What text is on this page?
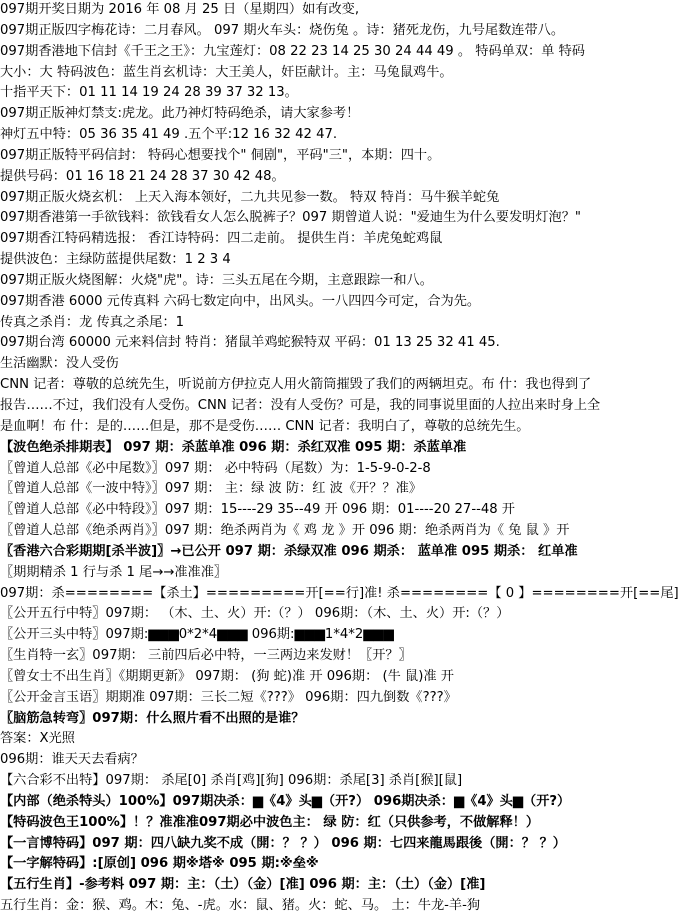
097期开奖日期为 2016 年 08 月 25 日（星期四）如有改变,
097期正版四字梅花诗：二月春风。 097 期火车头：烧伤兔 。诗：猪死龙伤，九号尾数连带八。
097期香港地下信封《千王之王》：九宝莲灯：08 22 23 14 25 30 24 44 49 。 特码单双：单 特码
大小：大 特码波色：蓝生肖玄机诗：大王美人，奸臣献计。主：马兔鼠鸡牛。
十指平天下：01 11 14 19 24 28 39 37 32 13。
097期正版神灯禁支:虎龙。此乃神灯特码绝杀，请大家参考！
神灯五中特：05 36 35 41 49 .五个平:12 16 32 42 47.
097期正版特平码信封： 特码心想要找个" 侗剧"，平码"三"，本期：四十。
提供号码：01 16 18 21 24 28 37 30 42 48。
097期正版火烧玄机： 上天入海本领好，二九共见参一数。 特双 特肖：马牛猴羊蛇兔
097期香港第一手欲钱料：欲钱看女人怎么脱裤子？097 期曾道人说："爱迪生为什么要发明灯泡？"
097期香江特码精选报： 香江诗特码：四二走前。 提供生肖：羊虎兔蛇鸡鼠
提供波色：主绿防蓝提供尾数：1 2 3 4
097期正版火烧图解：火烧"虎"。诗：三头五尾在今期，主意跟踪一和八。
097期香港 6000 元传真料 六码七数定向中，出风头。一八四四今可定，合为先。
传真之杀肖：龙 传真之杀尾：1
097期台湾 60000 元来料信封 特肖：猪鼠羊鸡蛇猴特双 平码：01 13 25 32 41 45.
生活幽默：没人受伤
CNN 记者：尊敬的总统先生，听说前方伊拉克人用火箭筒摧毁了我们的两辆坦克。布 什：我也得到了
报告……不过，我们没有人受伤。CNN 记者：没有人受伤？可是，我的同事说里面的人拉出来时身上全
是血啊！布 什：是的……但是，那不是受伤…… CNN 记者：我明白了，尊敬的总统先生。
【波色绝杀排期表】 097 期：杀蓝单准 096 期：杀红双准 095 期：杀蓝单准
〖曾道人总部《必中尾数》〗097 期： 必中特码（尾数）为：1-5-9-0-2-8
〖曾道人总部《一波中特》〗097 期： 主：绿 波 防：红 波《开？？准》
〖曾道人总部《必中特段》〗097 期：15----29 35--49 开 096 期：01----20 27--48 开
〖曾道人总部《绝杀两肖》〗097 期：绝杀两肖为《 鸡 龙 》开 096 期：绝杀两肖为《 兔 鼠 》开
〖香港六合彩期期[杀半波]〗→已公开 097 期：杀绿双准 096 期杀： 蓝单准 095 期杀： 红单准
〖期期精杀 1 行与杀 1 尾→→准准准〗
097期：杀========【杀土】=========开[==行]准! 杀========【 0 】========开[==尾]
〖公开五行中特〗097期： （木、土、火）开:（？） 096期：（木、土、火）开:（？）
〖公开三头中特〗097期:▆▆▆0*2*4▆▆▆ 096期:▆▆▆1*4*2▆▆▆
〖生肖特一玄〗097期： 三前四后必中特，一三两边来发财！〖开？〗
〖曾女士不出生肖〗《期期更新》 097期： (狗 蛇)准 开 096期： (牛 鼠)准 开
〖公开金言玉语〗期期准 097期：三长二短《???》 096期：四九倒数《???》
〖脑筋急转弯〗097期：什么照片看不出照的是谁？
答案：X光照
096期：谁天天去看病？
【六合彩不出特】097期： 杀尾[0] 杀肖[鸡][狗] 096期：杀尾[3] 杀肖[猴][鼠]
【内部（绝杀特头）100%】097期决杀：▆《4》头▆（开?） 096期决杀：▆《4》头▆（开?）
【特码波色王100%】！？准准准097期必中波色主： 绿 防：红（只供参考，不做解释！）
【一言博特码】097 期：四八缺九奖不成（開：？ ？） 096 期：七四来龍馬跟後（開：？ ？）
【一字解特码】:[原创] 096 期※塔※ 095 期:※垒※
【五行生肖】-参考料 097 期：主：（土）（金）[准] 096 期：主：（土）（金）[准]
五行生肖：金：猴、鸡。木：兔、-虎。水：鼠、猪。火：蛇、马。 土：牛龙-羊-狗
